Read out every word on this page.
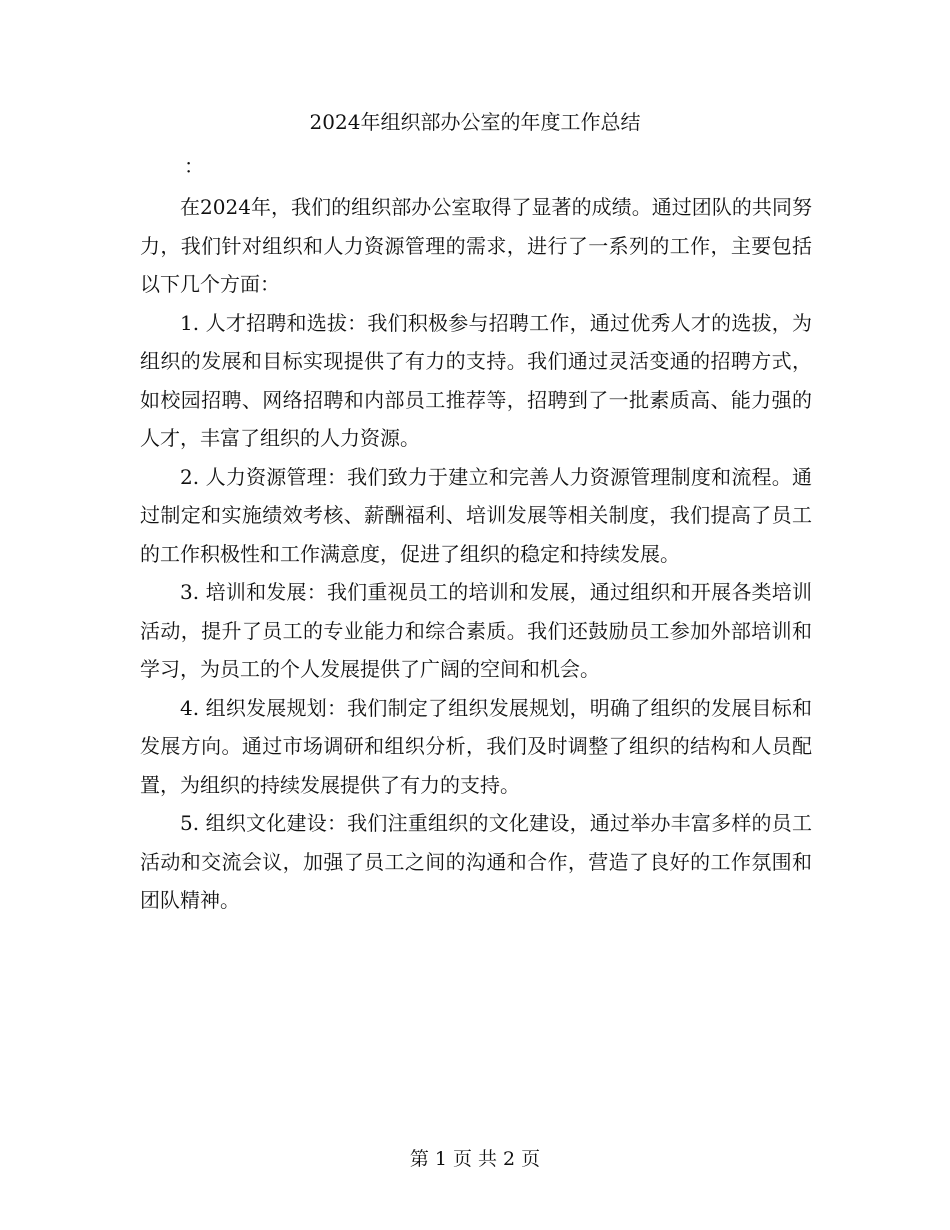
2024年组织部办公室的年度工作总结

：

在2024年，我们的组织部办公室取得了显著的成绩。通过团队的共同努力，我们针对组织和人力资源管理的需求，进行了一系列的工作，主要包括以下几个方面：

1. 人才招聘和选拔：我们积极参与招聘工作，通过优秀人才的选拔，为组织的发展和目标实现提供了有力的支持。我们通过灵活变通的招聘方式，如校园招聘、网络招聘和内部员工推荐等，招聘到了一批素质高、能力强的人才，丰富了组织的人力资源。

2. 人力资源管理：我们致力于建立和完善人力资源管理制度和流程。通过制定和实施绩效考核、薪酬福利、培训发展等相关制度，我们提高了员工的工作积极性和工作满意度，促进了组织的稳定和持续发展。

3. 培训和发展：我们重视员工的培训和发展，通过组织和开展各类培训活动，提升了员工的专业能力和综合素质。我们还鼓励员工参加外部培训和学习，为员工的个人发展提供了广阔的空间和机会。

4. 组织发展规划：我们制定了组织发展规划，明确了组织的发展目标和发展方向。通过市场调研和组织分析，我们及时调整了组织的结构和人员配置，为组织的持续发展提供了有力的支持。

5. 组织文化建设：我们注重组织的文化建设，通过举办丰富多样的员工活动和交流会议，加强了员工之间的沟通和合作，营造了良好的工作氛围和团队精神。

第 1 页 共 2 页
